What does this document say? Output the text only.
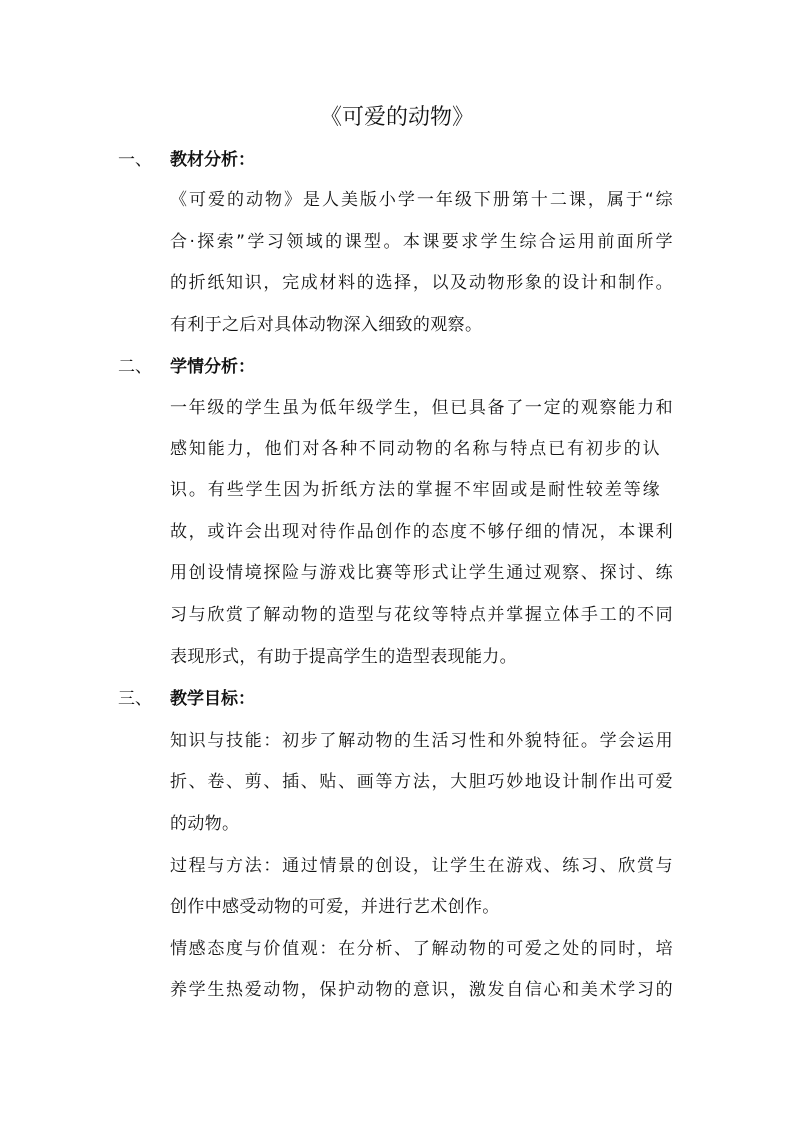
《可爱的动物》
一、 教材分析：
《可爱的动物》是人美版小学一年级下册第十二课，属于“综
合·探索”学习领域的课型。本课要求学生综合运用前面所学
的折纸知识，完成材料的选择，以及动物形象的设计和制作。
有利于之后对具体动物深入细致的观察。
二、 学情分析：
一年级的学生虽为低年级学生，但已具备了一定的观察能力和
感知能力，他们对各种不同动物的名称与特点已有初步的认
识。有些学生因为折纸方法的掌握不牢固或是耐性较差等缘
故，或许会出现对待作品创作的态度不够仔细的情况，本课利
用创设情境探险与游戏比赛等形式让学生通过观察、探讨、练
习与欣赏了解动物的造型与花纹等特点并掌握立体手工的不同
表现形式，有助于提高学生的造型表现能力。
三、 教学目标：
知识与技能：初步了解动物的生活习性和外貌特征。学会运用
折、卷、剪、插、贴、画等方法，大胆巧妙地设计制作出可爱
的动物。
过程与方法：通过情景的创设，让学生在游戏、练习、欣赏与
创作中感受动物的可爱，并进行艺术创作。
情感态度与价值观：在分析、了解动物的可爱之处的同时，培
养学生热爱动物，保护动物的意识，激发自信心和美术学习的
